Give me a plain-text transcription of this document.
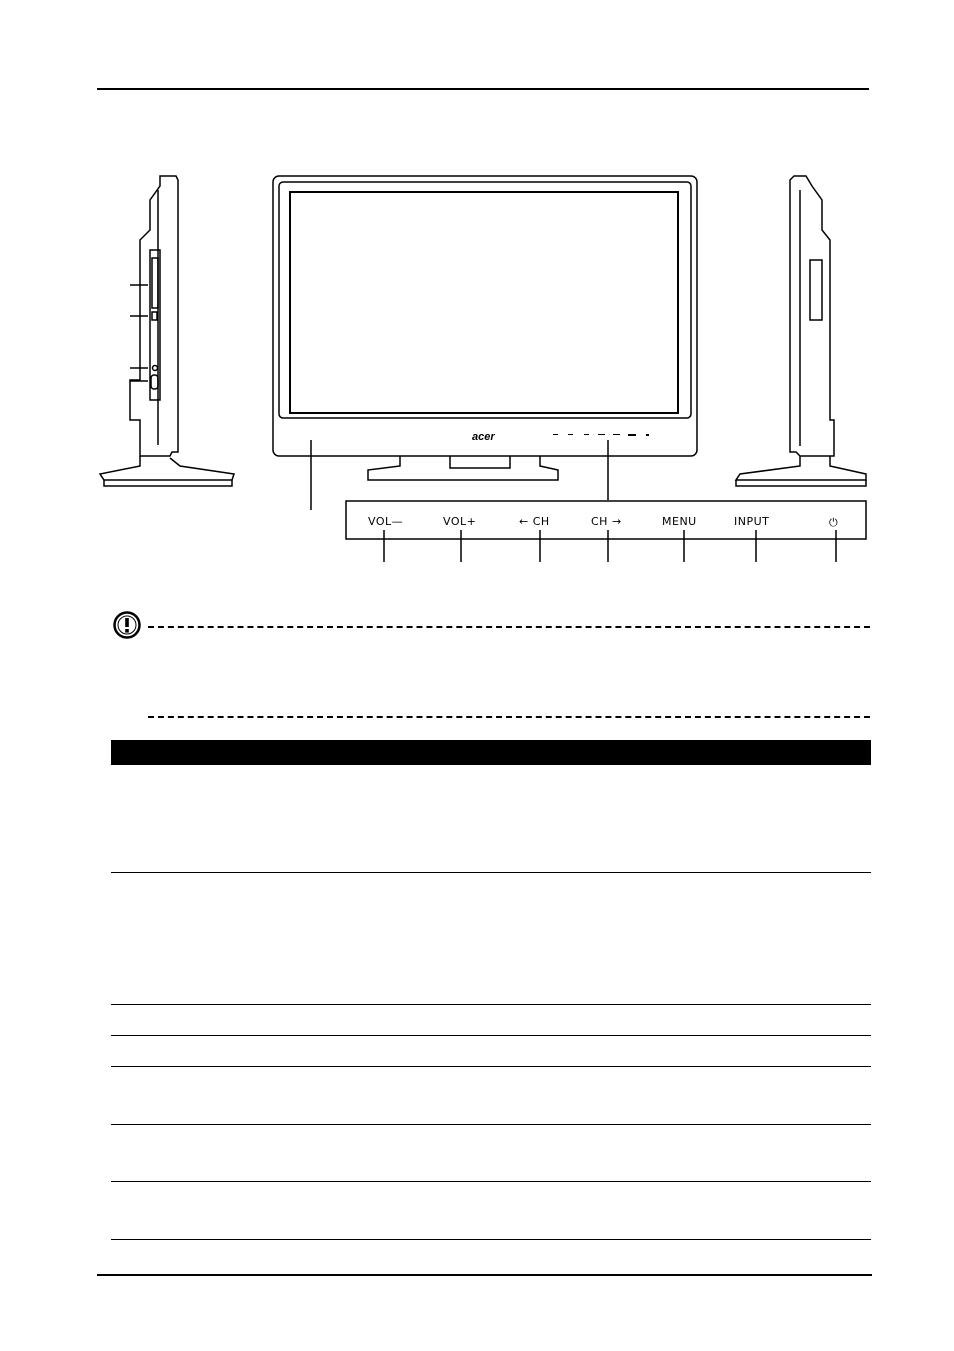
acer
VOL—	VOL+	← CH	CH →	MENU	INPUT	⏻
